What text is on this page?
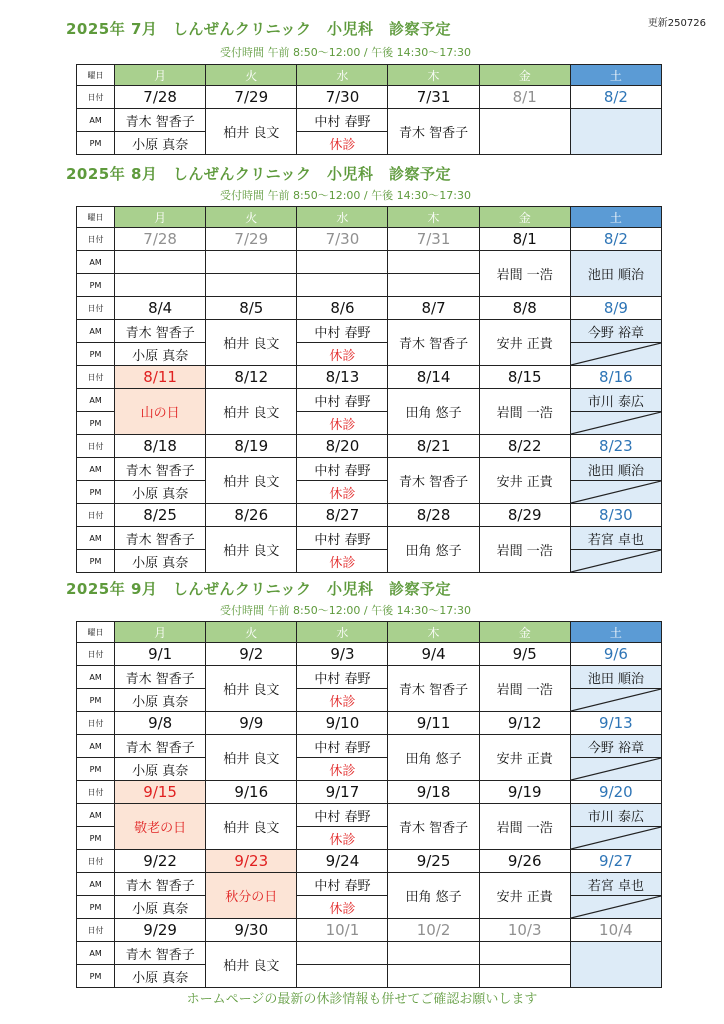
更新250726
2025年 7月　しんぜんクリニック　小児科　診察予定
受付時間 午前 8:50〜12:00 / 午後 14:30〜17:30
曜日	月	火	水	木	金	土
日付	7/28	7/29	7/30	7/31	8/1	8/2
AM	青木 智香子	柏井 良文	中村 春野	青木 智香子		
PM	小原 真奈		休診			
2025年 8月　しんぜんクリニック　小児科　診察予定
受付時間 午前 8:50〜12:00 / 午後 14:30〜17:30
曜日	月	火	水	木	金	土
日付	7/28	7/29	7/30	7/31	8/1	8/2
AM					岩間 一浩	池田 順治
PM						
日付	8/4	8/5	8/6	8/7	8/8	8/9
AM	青木 智香子	柏井 良文	中村 春野	青木 智香子	安井 正貴	今野 裕章
PM	小原 真奈		休診	

日付	8/11	8/12	8/13	8/14	8/15	8/16
AM	山の日	柏井 良文	中村 春野	田角 悠子	岩間 一浩	市川 泰広
PM			休診	

日付	8/18	8/19	8/20	8/21	8/22	8/23
AM	青木 智香子	柏井 良文	中村 春野	青木 智香子	安井 正貴	池田 順治
PM	小原 真奈		休診	

日付	8/25	8/26	8/27	8/28	8/29	8/30
AM	青木 智香子	柏井 良文	中村 春野	田角 悠子	岩間 一浩	若宮 卓也
PM	小原 真奈		休診	
2025年 9月　しんぜんクリニック　小児科　診察予定
受付時間 午前 8:50〜12:00 / 午後 14:30〜17:30
曜日	月	火	水	木	金	土
日付	9/1	9/2	9/3	9/4	9/5	9/6
AM	青木 智香子	柏井 良文	中村 春野	青木 智香子	岩間 一浩	池田 順治
PM	小原 真奈		休診	

日付	9/8	9/9	9/10	9/11	9/12	9/13
AM	青木 智香子	柏井 良文	中村 春野	田角 悠子	安井 正貴	今野 裕章
PM	小原 真奈		休診	

日付	9/15	9/16	9/17	9/18	9/19	9/20
AM	敬老の日	柏井 良文	中村 春野	青木 智香子	岩間 一浩	市川 泰広
PM			休診	

日付	9/22	9/23	9/24	9/25	9/26	9/27
AM	青木 智香子	秋分の日	中村 春野	田角 悠子	安井 正貴	若宮 卓也
PM	小原 真奈		休診	

日付	9/29	9/30	10/1	10/2	10/3	10/4
AM	青木 智香子	柏井 良文				
PM	小原 真奈					
ホームページの最新の休診情報も併せてご確認お願いします
